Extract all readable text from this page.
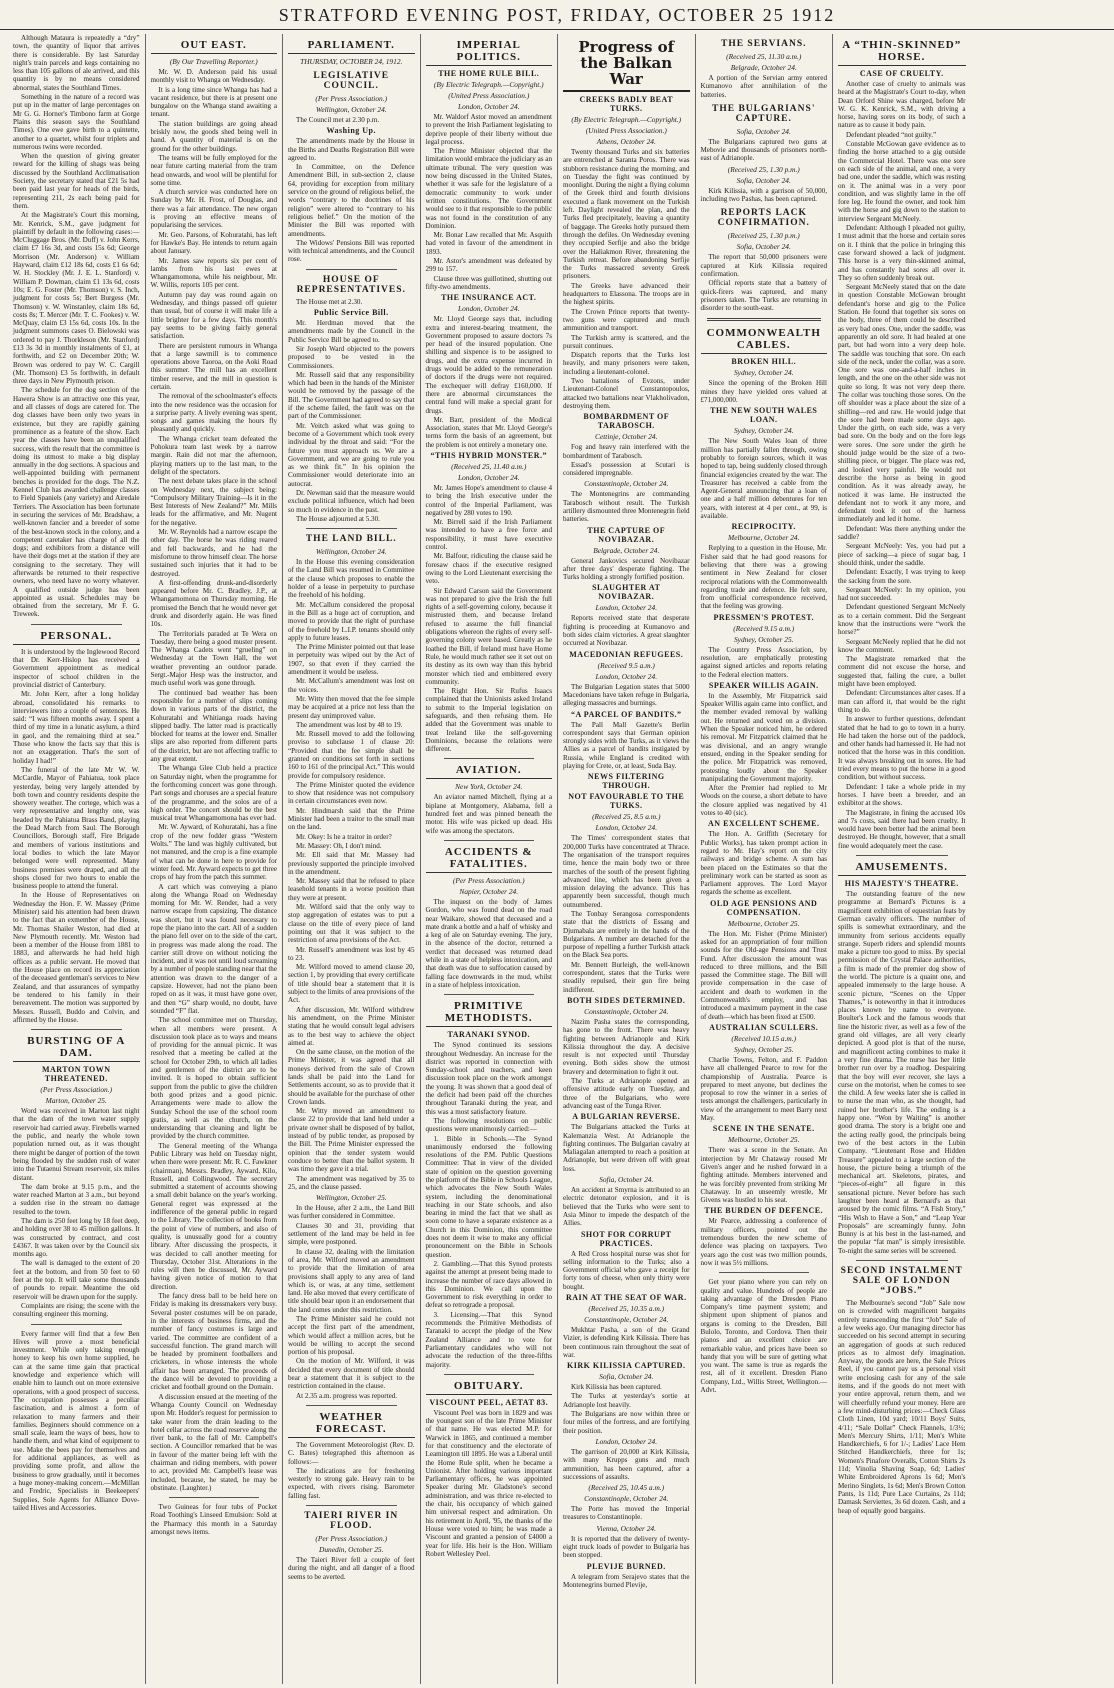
STRATFORD EVENING POST, FRIDAY, OCTOBER 25 1912

Although Mataura is repeatedly a “dry” town, the quantity of liquor that arrives there is considerable. By last Saturday night's train parcels and kegs containing no less than 105 gallons of ale arrived, and this quantity is by no means considered abnormal, states the Southland Times.

Something in the nature of a record was put up in the matter of large percentages on Mr G. G. Horner's Timbono farm at Gorge Plains this season says the Southland Times). One ewe gave birth to a quintette, another to a quartet, whilst four triplets and numerous twins were recorded.

When the question of giving greater reward for the killing of shags was being discussed by the Southland Acclimatisation Society, the secretary stated that £21 5s had been paid last year for heads of the birds, representing 211, 2s each being paid for them.

At the Magistrate's Court this morning, Mr. Kenrick, S.M., gave judgment for plaintiff by default in the following cases:—McCluggage Bros. (Mr. Duff) v. John Kerrs, claim £7 16s 3d, and costs 15s 6d; George Morrison (Mr. Anderson) v. William Hayward, claim £12 18s 6d, costs £1 6s 6d; W. H. Stockley (Mr. J. E. L. Stanford) v. William P. Dowman, claim £1 13s 6d, costs 10s; E. G. Foster (Mr. Thomson) v. S. Inch, judgment for costs 5s; Bert Burgess (Mr. Thomson) v. W. Winstanley, claim 18s 6d, costs 8s; T. Mercer (Mr. T. C. Fookes) v. W. McQuay, claim £3 15s 6d, costs 10s. In the judgment summons cases O. Bielowski was ordered to pay J. Thorkleson (Mr. Stanford) £13 3s 3d in monthly instalments of £1, at forthwith, and £2 on December 20th; W. Brown was ordered to pay W. C. Cargill (Mr. Thomson) £3 5s forthwith, in default three days in New Plymouth prison.

The schedule for the dog section of the Hawera Show is an attractive one this year, and all classes of dogs are catered for. The dog classes have been only two years in existence, but they are rapidly gaining prominence as a feature of the show. Each year the classes have been an unqualified success, with the result that the committee is doing its utmost to make a big display annually in the dog sections. A spacious and well-appointed building with permanent benches is provided for the dogs. The N.Z. Kennel Club has awarded challenge classes to Field Spaniels (any variety) and Airedale Terriers. The Association has been fortunate in securing the services of Mr. Bradshaw, a well-known fancier and a breeder of some of the best-known stock in the colony, and a competent caretaker has charge of all the dogs; and exhibitors from a distance will have their dogs met at the station if they are consigning to the secretary. They will afterwards be returned to their respective owners, who need have no worry whatever. A qualified outside judge has been appointed as usual. Schedules may be obtained from the secretary, Mr F. G. Treweek.

PERSONAL.

It is understood by the Inglewood Record that Dr. Kerr-Hislop has received a Government appointment as medical inspector of school children in the provincial district of Canterbury.

Mr. John Kerr, after a long holiday abroad, consolidated his remarks to interviewers into a couple of sentences. He said: “I was fifteen months away. I spent a third of my time in a lunatic asylum, a third in gaol, and the remaining third at sea.” Those who know the facts say that this is not an exaggeration. That's the sort of holiday I had!”

The funeral of the late Mr W. W. McCardle, Mayor of Pahiatua, took place yesterday, being very largely attended by both town and country residents despite the showery weather. The cortege, which was a very representative and lengthy one, was headed by the Pahiatua Brass Band, playing the Dead March from Saul. The Borough Councillors, Borough staff, Fire Brigade and members of various institutions and local bodies to which the late Mayor belonged were well represented. Many business premises were draped, and all the shops closed for two hours to enable the business people to attend the funeral.

In the House of Representatives on Wednesday the Hon. F. W. Massey (Prime Minister) said his attention had been drawn to the fact that an exmember of the House, Mr. Thomas Shailer Weston, had died at New Plymouth recently. Mr. Weston had been a member of the House from 1881 to 1883, and afterwards he had held high offices as a public servant. He moved that the House place on record its appreciation of the deceased gentleman's services to New Zealand, and that assurances of sympathy be tendered to his family in their bereavement. The motion was supported by Messrs. Russell, Buddo and Colvin, and affirmed by the House.

BURSTING OF A DAM.
MARTON TOWN THREATENED.
(Per Press Association.)
Marton, October 25.

Word was received in Marton last night that the dam of the town water supply reservoir had carried away. Firebells warned the public, and nearly the whole town population turned out, as it was thought there might be danger of portion of the town being flooded by the sudden rush of water into the Tutaenui Stream reservoir, six miles distant.

The dam broke at 9.15 p.m., and the water reached Marton at 3 a.m., but beyond a sudden rise in the stream no damage resulted to the town.

The dam is 250 feet long by 18 feet deep, and holding over 38 to 45 million gallons. It was constructed by contract, and cost £4367. It was taken over by the Council six months ago.

The wall is damaged to the extent of 20 feet at the bottom, and from 50 feet to 60 feet at the top. It will take some thousands of pounds to repair. Meantime the old reservoir will be drawn upon for the supply.

Complaints are rising; the scene with the consulting engineer this morning.

Every farmer will find that a few Ben Hives will prove a most beneficial investment. While only taking enough honey to keep his own home supplied, he can at the same time gain that practical knowledge and experience which will enable him to launch out on more extensive operations, with a good prospect of success. The occupation possesses a peculiar fascination, and is almost a form of relaxation to many farmers and their families. Beginners should commence on a small scale, learn the ways of bees, how to handle them, and what kind of equipment to use. Make the bees pay for themselves and for additional appliances, as well as providing some profit, and allow the business to grow gradually, until it becomes a huge money-making concern.—McMillan and Fredric, Specialists in Beekeepers' Supplies, Sole Agents for Alliance Dove-tailed Hives and Accessories.

OUT EAST.
(By Our Travelling Reporter.)

Mr. W. D. Anderson paid his usual monthly visit to Whanga on Wednesday.

It is a long time since Whanga has had a vacant residence, but there is at present one bungalow on the Whanga stand awaiting a tenant.

The station buildings are going ahead briskly now, the goods shed being well in hand. A quantity of material is on the ground for the other buildings.

The teams will be fully employed for the near future carting material from the tram head onwards, and wool will be plentiful for some time.

A church service was conducted here on Sunday by Mr. H. Frost, of Douglas, and there was a fair attendance. The new organ is proving an effective means of popularising the services.

Mr. Geo. Parsons, of Kohuratahi, has left for Hawke's Bay. He intends to return again about January.

Mr. James saw reports six per cent of lambs from his last ewes at Whangamomona, while his neighbour, Mr. W. Willis, reports 105 per cent.

Autumn pay day was round again on Wednesday, and things passed off quieter than usual, but of course it will make life a little brighter for a few days. This month's pay seems to be giving fairly general satisfaction.

There are persistent rumours in Whanga that a large sawmill is to commence operations above Taoroa, on the Aoki Road this summer. The mill has an excellent timber reserve, and the mill in question is certain.

The removal of the schoolmaster's effects into the new residence was the occasion for a surprise party. A lively evening was spent, songs and games making the hours fly pleasantly and quickly.

The Whanga cricket team defeated the Pohokura team last week by a narrow margin. Rain did not mar the afternoon, playing matters up to the last man, to the delight of the spectators.

The next debate takes place in the school on Wednesday next, the subject being: “Compulsory Military Training—Is it in the Best Interests of New Zealand?” Mr. Mills leads for the affirmative, and Mr. Nugent for the negative.

Mr. W. Reynolds had a narrow escape the other day. The horse he was riding reared and fell backwards, and he had the misfortune to throw himself clear. The horse sustained such injuries that it had to be destroyed.

A first-offending drunk-and-disorderly appeared before Mr. C. Bradley, J.P., at Whangamomona on Thursday morning. He promised the Bench that he would never get drunk and disorderly again. He was fined 10s.

The Territorials paraded at Te Wera on Tuesday, there being a good muster present. The Whanga Cadets went “grueling” on Wednesday at the Town Hall, the wet weather preventing an outdoor parade. Sergt.-Major Hesp was the instructor, and much useful work was gone through.

The continued bad weather has been responsible for a number of slips coming down in various parts of the district, the Kohuratahi and Whitianga roads having slipped badly. The latter road is practically blocked for teams at the lower end. Smaller slips are also reported from different parts of the district, but are not affecting traffic to any great extent.

The Whanga Glee Club held a practice on Saturday night, when the programme for the forthcoming concert was gone through. Part songs and choruses are a special feature of the programme, and the solos are of a high order. The concert should be the best musical treat Whangamomona has ever had.

Mr. W. Ayward, of Kohuratahi, has a fine crop of the new fodder grass “Western Wolts.” The land was highly cultivated, but not manured, and the crop is a fine example of what can be done in here to provide for winter feed. Mr. Ayward expects to get three crops of hay from the patch this summer.

A cart which was conveying a piano along the Whanga Road on Wednesday morning for Mr. W. Render, had a very narrow escape from capsizing. The distance was short, but it was found necessary to rope the piano into the cart. All of a sudden the piano fell over on to the side of the cart, in progress was made along the road. The carrier still drove on without noticing the incident, and it was not until loud screaming by a number of people standing near that the attention was drawn to the danger of a capsize. However, had not the piano been roped on as it was, it must have gone over, and then “G” sharp would, no doubt, have sounded “F” flat.

The school committee met on Thursday, when all members were present. A discussion took place as to ways and means of providing for the annual picnic. It was resolved that a meeting be called at the school for October 29th, to which all ladies and gentlemen of the district are to be invited. It is hoped to obtain sufficient support from the public to give the children both good prizes and a good picnic. Arrangements were made to allow the Sunday School the use of the school room gratis, as well as the church, on the understanding that cleaning and light be provided by the church committee.

The General meeting of the Whanga Public Library was held on Tuesday night, when there were present: Mr. R. C. Fawkner (chairman), Messrs. Bradley, Ayward, Kilo, Russell, and Collingwood. The secretary submitted a statement of accounts showing a small debit balance on the year's working. General regret was expressed at the indifference of the general public in regard to the Library. The collection of books from the point of view of numbers, and also of quality, is unusually good for a country library. After discussing the prospects, it was decided to call another meeting for Thursday, October 31st. Alterations in the rules will then be discussed, Mr. Ayward having given notice of motion to that direction.

The fancy dress ball to be held here on Friday is making its dressmakers very busy. Several poster costumes will be on parade, in the interests of business firms, and the number of fancy costumes is large and varied. The committee are confident of a successful function. The grand march will be headed by prominent footballers and cricketers, in whose interests the whole affair has been arranged. The proceeds of the dance will be devoted to providing a cricket and football ground on the Domain.

A discussion ensued at the meeting of the Whanga County Council on Wednesday upon Mr. Hodder's request for permission to take water from the drain leading to the hotel cellar across the road reserve along the river bank, to the fall of Mr. Campbell's section. A Councillor remarked that he was in favour of the matter being left with the chairman and riding members, with power to act, provided Mr. Campbell's lease was included, because, he stated, he may be obstinate. (Laughter.)

Two Guineas for four tubs of Pocket Road Toothing's Linseed Emulsion: Sold at the Pharmacy this month in a Saturday amongst news items.

PARLIAMENT.
THURSDAY, OCTOBER 24, 1912.
LEGISLATIVE COUNCIL.
(Per Press Association.)
Wellington, October 24.

The Council met at 2.30 p.m.

Washing Up.

The amendments made by the House in the Births and Deaths Registration Bill were agreed to.

In Committee, on the Defence Amendment Bill, in sub-section 2, clause 64, providing for exception from military service on the ground of religious belief, the words “contrary to the doctrines of his religion” were altered to “contrary to his religious belief.” On the motion of the Minister the Bill was reported with amendments.

The Widows' Pensions Bill was reported with technical amendments, and the Council rose.

HOUSE OF REPRESENTATIVES.

The House met at 2.30.

Public Service Bill.

Mr. Herdman moved that the amendments made by the Council in the Public Service Bill be agreed to.

Sir Joseph Ward objected to the powers proposed to be vested in the Commissioners.

Mr. Russell said that any responsibility which had been in the hands of the Minister would be removed by the passage of the Bill. The Government had agreed to say that if the scheme failed, the fault was on the part of the Commissioner.

Mr. Veitch asked what was going to become of a Government which took every individual by the throat and said: “For the future you must approach us. We are a Government, and we are going to rule you as we think fit.” In his opinion the Commissioner would deteriorate into an autocrat.

Dr. Newman said that the measure would exclude political influence, which had been so much in evidence in the past.

The House adjourned at 5.30.

THE LAND BILL.
Wellington, October 24.

In the House this evening consideration of the Land Bill was resumed in Committee at the clause which proposes to enable the holder of a lease in perpetuity to purchase the freehold of his holding.

Mr. McCallum considered the proposal in the Bill as a huge act of corruption, and moved to provide that the right of purchase of the freehold by L.I.P. tenants should only apply to future leases.

The Prime Minister pointed out that lease in perpetuity was wiped out by the Act of 1907, so that even if they carried the amendment it would be useless.

Mr. McCallum's amendment was lost on the voices.

Mr. Witty then moved that the fee simple may be acquired at a price not less than the present day unimproved value.

The amendment was lost by 48 to 19.

Mr. Russell moved to add the following proviso to subclause 1 of clause 20: “Provided that the fee simple shall be granted on conditions set forth in sections 160 to 161 of the principal Act.” This would provide for compulsory residence.

The Prime Minister quoted the evidence to show that residence was not compulsory in certain circumstances even now.

Mr. Hindmarsh said that the Prime Minister had been a traitor to the small man on the land.

Mr. Okey: Is he a traitor in order?

Mr. Massey: Oh, I don't mind.

Mr. Ell said that Mr. Massey had previously supported the principle involved in the amendment.

Mr. Massey said that he refused to place leasehold tenants in a worse position than they were at present.

Mr. Wilford said that the only way to stop aggregation of estates was to put a clause on the title of every piece of land pointing out that it was subject to the restriction of area provisions of the Act.

Mr. Russell's amendment was lost by 45 to 23.

Mr. Wilford moved to amend clause 20, section 1, by providing that every certificate of title should bear a statement that it is subject to the limits of area provisions of the Act.

After discussion, Mr. Wilford withdrew his amendment, on the Prime Minister stating that he would consult legal advisers as to the best way to achieve the object aimed at.

On the same clause, on the motion of the Prime Minister, it was agreed that all moneys derived from the sale of Crown lands shall be paid into the Land for Settlements account, so as to provide that it should be available for the purchase of other Crown lands.

Mr. Witty moved an amendment to clause 22 to provide that land held under a private owner shall be disposed of by ballot, instead of by public tender, as proposed by the Bill. The Prime Minister expressed the opinion that the tender system would conduce to better than the ballot system. It was timo they gave it a trial.

The amendment was negatived by 35 to 25, and the clause passed.

Wellington, October 25.

In the House, after 2 a.m., the Land Bill was further considered in Committee.

Clauses 30 and 31, providing that settlement of the land may be held in fee simple, were postponed.

In clause 32, dealing with the limitation of area, Mr. Wilford moved an amendment to provide that the limitation of area provisions shall apply to any area of land which is, or was, at any time, settlement land. He also moved that every certificate of title should bear upon it an endorsement that the land comes under this restriction.

The Prime Minister said he could not accept the first part of the amendment, which would affect a million acres, but he would be willing to accept the second portion of his proposal.

On the motion of Mr. Wilford, it was decided that every document of title should bear a statement that it is subject to the restriction contained in the clause.

At 2.35 a.m. progress was reported.

WEATHER FORECAST.

The Government Meteorologist (Rev. D. C. Bates) telegraphed this afternoon as follows:—

The indications are for freshening westerly to strong gale. Heavy rain to be expected, with rivers rising. Barometer falling fast.

TAIERI RIVER IN FLOOD.
(Per Press Association.)
Dunedin, October 25.

The Taieri River fell a couple of feet during the night, and all danger of a flood seems to be averted.

IMPERIAL POLITICS.
THE HOME RULE BILL.
(By Electric Telegraph.—Copyright.)
(United Press Association.)
London, October 24.

Mr. Waldorf Astor moved an amendment to prevent the Irish Parliament legislating to deprive people of their liberty without due legal process.

The Prime Minister objected that the limitation would embrace the judiciary as an ultimate tribunal. The very question was now being discussed in the United States, whether it was safe for the legislature of a democratic community to work under written constitutions. The Government would see to it that responsible to the public was not found in the constitution of any Dominion.

Mr. Bonar Law recalled that Mr. Asquith had voted in favour of the amendment in 1893.

Mr. Astor's amendment was defeated by 299 to 157.

Clause three was guillotined, shutting out fifty-two amendments.

THE INSURANCE ACT.
London, October 24.

Mr. Lloyd George says that, including extra and interest-bearing treatment, the Government proposed to assure doctors 7s per head of the insured population. One shilling and sixpence is to be assigned to drugs, and the extra expense incurred in drugs would be added to the remuneration of doctors if the drugs were not required. The exchequer will defray £160,000. If there are abnormal circumstances the central fund will make a special grant for drugs.

Mr. Barr, president of the Medical Association, states that Mr. Lloyd George's terms form the basis of an agreement, but the problem is not entirely a monetary one.

“THIS HYBRID MONSTER.”
(Received 25, 11.40 a.m.)
London, October 24.

Mr. James Hope's amendment to clause 4 to bring the Irish executive under the control of the Imperial Parliament, was negatived by 280 votes to 190.

Mr. Birrell said if the Irish Parliament was intended to have a free force and responsibility, it must have executive control.

Mr. Balfour, ridiculing the clause said he foresaw chaos if the executive resigned owing to the Lord Lieutenant exercising the veto.

Sir Edward Carson said the Government was not prepared to give the Irish the full rights of a self-governing colony, because it mistrusted them, and because Ireland refused to assume the full financial obligations whereon the rights of every self-governing colony were based. Greatly as he loathed the Bill, if Ireland must have Home Rule, he would much rather see it set out on its destiny as its own way than this hybrid monster which tied and embittered every community.

The Right Hon. Sir Rufus Isaacs complained that the Unionists asked Ireland to submit to the Imperial legislation on safeguards, and then refusing them. He added that the Government was unable to treat Ireland like the self-governing Dominions, because the relations were different.

AVIATION.
New York, October 24.

An aviator named Mitchell, flying at a biplane at Montgomery, Alabama, fell a hundred feet and was pinned beneath the motor. His wife was picked up dead. His wife was among the spectators.

ACCIDENTS & FATALITIES.
(Per Press Association.)
Napier, October 24.

The inquest on the body of James Gordon, who was found dead on the road near Waikare, showed that deceased and a mate drank a bottle and a half of whisky and a keg of ale on Saturday evening. The jury, in the absence of the doctor, returned a verdict that deceased was returned dead while in a state of helpless intoxication, and that death was due to suffocation caused by falling face downwards in the mud, whilst in a state of helpless intoxication.

PRIMITIVE METHODISTS.
TARANAKI SYNOD.

The Synod continued its sessions throughout Wednesday. An increase for the district was reported in connection with Sunday-school and teachers, and keen discussion took place on the work amongst the young. It was shown that a good deal of the deficit had been paid off the churches throughout Taranaki during the year, and this was a most satisfactory feature.

The following resolutions on public questions were unanimously carried:—

1. Bible in Schools.—The Synod unanimously endorsed the following resolutions of the P.M. Public Questions Committee: That in view of the divided state of opinion on the question governing the platform of the Bible in Schools League, which advocates the New South Wales system, including the denominational teaching in our State schools, and also bearing in mind the fact that we shall as soon come to have a separate existence as a Church in this Dominion, this committee does not deem it wise to make any official pronouncement on the Bible in Schools question.

2. Gambling.—That this Synod protests against the attempt at present being made to increase the number of race days allowed in this Dominion. We call upon the Government to risk everything in order to defeat so retrograde a proposal.

3. Licensing.—That this Synod recommends the Primitive Methodists of Taranaki to accept the pledge of the New Zealand Alliance and to vote for Parliamentary candidates who will not advocate the reduction of the three-fifths majority.

OBITUARY.
VISCOUNT PEEL, AETAT 83.

Viscount Peel was born in 1829 and was the youngest son of the late Prime Minister of that name. He was elected M.P. for Warwick in 1865, and continued a member for that constituency and the electorate of Leamington till 1895. He was a Liberal until the Home Rule split, when he became a Unionist. After holding various important Parliamentary offices, he was appointed Speaker during Mr. Gladstone's second administration, and was thrice re-elected to the chair, his occupancy of which gained him universal respect and admiration. On his retirement in April, '95, the thanks of the House were voted to him; he was made a Viscount and granted a pension of £4000 a year for life. His heir is the Hon. William Robert Wellesley Peel.

Progress of the Balkan War
CREEKS BADLY BEAT TURKS.
(By Electric Telegraph.—Copyright.)
(United Press Association.)
Athens, October 24.

Twenty thousand Turks and six batteries are entrenched at Saranta Poros. There was stubborn resistance during the morning, and on Tuesday the fight was continued by moonlight. During the night a flying column of the Greek third and fourth divisions executed a flank movement on the Turkish left. Daylight revealed the plan, and the Turks fled precipitately, leaving a quantity of baggage. The Greeks hotly pursued them through the defiles. On Wednesday evening they occupied Serfije and also the bridge over the Haliakmon River, threatening the Turkish retreat. Before abandoning Serfije the Turks massacred seventy Greek prisoners.

The Greeks have advanced their headquarters to Elassona. The troops are in the highest spirits.

The Crown Prince reports that twenty-two guns were captured and much ammunition and transport.

The Turkish army is scattered, and the pursuit continues.

Dispatch reports that the Turks lost heavily, and many prisoners were taken, including a lieutenant-colonel.

Two battalions of Evzons, under Lieutenant-Colonel Constantopoulos, attacked two battalions near Vlakholivadon, destroying them.

BOMBARDMENT OF TARABOSCH.
Cettinje, October 24.

Fog and heavy rain interfered with the bombardment of Tarabosch.

Essad's possession at Scutari is considered impregnable.

Constantinople, October 24.

The Montenegrins are commanding Tarabosch without result. The Turkish artillery dismounted three Montenegrin field batteries.

THE CAPTURE OF NOVIBAZAR.
Belgrade, October 24.

General Jankovics secured Novibazar after three days' desperate fighting. The Turks holding a strongly fortified position.

SLAUGHTER AT NOVIBAZAR.
London, October 24.

Reports received state that desperate fighting is proceeding at Kumanovo and both sides claim victories. A great slaughter occurred at Novibazar.

MACEDONIAN REFUGEES.
(Received 9.5 a.m.)
London, October 24.

The Bulgarian Legation states that 5000 Macedonians have taken refuge in Bulgaria, alleging massacres and burnings.

“A PARCEL OF BANDITS.”

The Pall Mall Gazette's Berlin correspondent says that German opinion strongly sides with the Turks, as it views the Allies as a parcel of bandits instigated by Russia, while England is credited with playing for Crete, or, at least, Suda Bay.

NEWS FILTERING THROUGH.
NOT FAVOURABLE TO THE TURKS.
(Received 25, 8.5 a.m.)
London, October 24.

The Times' correspondent states that 200,000 Turks have concentrated at Thrace. The organisation of the transport requires time, hence the main body two or three marches of the south of the present fighting advanced line, which has been given a mission delaying the advance. This has apparently been successful, though much outnumbered.

The Tonbay Serangosa correspondents state that the districts of Essang and Djumabala are entirely in the hands of the Bulgarians. A number are detached for the purpose of repelling a further Turkish attack on the Black Sea ports.

Mr. Bennett Burleigh, the well-known correspondent, states that the Turks were steadily repulsed, their gun fire being indifferent.

BOTH SIDES DETERMINED.
Constantinople, October 24.

Nazim Pasha states the corresponding, has gone to the front. There was heavy fighting between Adrianople and Kirk Kilissia throughout the day. A decisive result is not expected until Thursday evening. Both sides show the utmost bravery and determination to fight it out.

The Turks at Adrianople opened an offensive attitude early on Tuesday, and three of the Bulgarians, who were advancing east of the Tunga River.

A BULGARIAN REVERSE.

The Bulgarians attacked the Turks at Kalemanzia West. At Adrianople the fighting continues. The Bulgarian cavalry at Maliagalan attempted to reach a position at Adrianople, but were driven off with great loss.

Sofia, October 24.

An accident at Smyrna is attributed to an electric detonator explosion, and it is believed that the Turks who were sent to Asia Minor to impede the despatch of the Allies.

SHOT FOR CORRUPT PRACTICES.

A Red Cross hospital nurse was shot for selling information to the Turks; also a Government official who gave a receipt for forty tons of cheese, when only thirty were bought.

RAIN AT THE SEAT OF WAR.
(Received 25, 10.35 a.m.)
Constantinople, October 24.

Mukhtar Pasha, a son of the Grand Vizier, is defending Kirk Kilissia. There has been continuous rain throughout the seat of war.

KIRK KILISSIA CAPTURED.
Sofia, October 24.

Kirk Kilissia has been captured.

The Turks at yesterday's sortie at Adrianople lost heavily.

The Bulgarians are now within three or four miles of the fortress, and are fortifying their position.

London, October 24.

The garrison of 20,000 at Kirk Kilissia, with many Krupps guns and much ammunition, has been captured, after a successions of assaults.

(Received 25, 10.45 a.m.)
Constantinople, October 24.

The Porte has moved the Imperial treasures to Constantinople.

Vienna, October 24.

It is reported that the delivery of twenty-eight truck loads of powder to Bulgaria has been stopped.

PLEVIJE BURNED.

A telegram from Serajevo states that the Montenegrins burned Plevije,

THE SERVIANS.
(Received 25, 11.30 a.m.)
Belgrade, October 24.

A portion of the Servian army entered Kumanovo after annihilation of the batteries.

THE BULGARIANS' CAPTURE.
Sofia, October 24.

The Bulgarians captured two guns at Mebovie and thousands of prisoners north-east of Adrianople.

(Received 25, 1.30 p.m.)
Sofia, October 24.

Kirk Kilissia, with a garrison of 50,000, including two Pashas, has been captured.

REPORTS LACK CONFIRMATION.
(Received 25, 1.30 p.m.)
Sofia, October 24.

The report that 50,000 prisoners were captured at Kirk Kilissia required confirmation.

Official reports state that a battery of quick-firers was captured, and many prisoners taken. The Turks are returning in disorder to the south-east.

COMMONWEALTH CABLES.
BROKEN HILL.
Sydney, October 24.

Since the opening of the Broken Hill mines they have yielded ores valued at £71,000,000.

THE NEW SOUTH WALES LOAN.
Sydney, October 24.

The New South Wales loan of three million has partially fallen through, owing probably to foreign sources, which it was hoped to tap, being suddenly closed through financial exigencies created by the war. The Treasurer has received a cable from the Agent-General announcing that a loan of one and a half million debentures for ten years, with interest at 4 per cent., at 99, is available.

RECIPROCITY.
Melbourne, October 24.

Replying to a question in the House, Mr. Fisher said that he had good reasons for believing that there was a growing sentiment in New Zealand for closer reciprocal relations with the Commonwealth regarding trade and defence. He felt sure, from unofficial correspondence received, that the feeling was growing.

PRESSMEN'S PROTEST.
(Received 9.15 a.m.)
Sydney, October 25.

The Country Press Association, by resolution, are emphatically protesting against signed articles and reports relating to the Federal election matters.

SPEAKER WILLIS AGAIN.

In the Assembly, Mr Fitzpatrick said Speaker Willis again came into conflict, and the member evaded removal by walking out. He returned and voted on a division. When the Speaker noticed him, he ordered his removal. Mr Fitzpatrick claimed that he was divisional, and an angry wrangle ensued, ending in the Speaker sending for the police. Mr Fitzpatrick was removed, protesting loudly about the Speaker manipulating the Government majority.

After the Premier had replied to Mr Woods on the course, a short debate to have the closure applied was negatived by 41 votes to 40 (sic).

AN EXCELLENT SCHEME.

The Hon. A. Griffith (Secretary for Public Works), has taken prompt action in regard to Mr. Hay's report on the city railways and bridge scheme. A sum has been placed on the Estimates so that the preliminary work can be started as soon as Parliament approves. The Lord Mayor regards the scheme as excellent.

OLD AGE PENSIONS AND COMPENSATION.
Melbourne, October 25.

The Hon. Mr. Fisher (Prime Minister) asked for an appropriation of four million sounds for the Old-age Pensions and Trust Fund. After discussion the amount was reduced to three millions, and the Bill passed the Committee stage. The Bill will provide compensation in the case of accident and death to workmen in the Commonwealth's employ, and has introduced a maximum payment in the case of death—which has been fixed at £500.

AUSTRALIAN SCULLERS.
(Received 10.15 a.m.)
Sydney, October 25.

Charlie Towns, Felton, and F. Paddon have all challenged Pearce to row for the championship of Australia. Pearce is prepared to meet anyone, but declines the proposal to row the winner in a series of tests amongst the challengers, particularly in view of the arrangement to meet Barry next May.

SCENE IN THE SENATE.
Melbourne, October 25.

There was a scene in the Senate. An interjection by Mr Chataway roused Mr Given's anger and he rushed forward in a fighting attitude. Members intervened and he was forcibly prevented from striking Mr Chataway. In an unseemly wrestle, Mr Givens was hustled to his seat.

THE BURDEN OF DEFENCE.

Mr Pearce, addressing a conference of military officers, pointed out the tremendous burden the new scheme of defence was placing on taxpayers. Two years ago the cost was two million pounds, now it was 5½ millions.

Get your piano where you can rely on quality and value. Hundreds of people are taking advantage of the Dresden Piano Company's time payment system; and shipment upon shipment of pianos and organs is coming to the Dresden, Bill Bulolo, Toronto, and Cordova. Then their pianos and an excellent choice are remarkable value, and prices have been so handy that you will be sure of getting what you want. The same is true as regards the rest, all of it excellent. Dresden Piano Company, Ltd., Willis Street, Wellington.—Advt.

A “THIN-SKINNED” HORSE.
CASE OF CRUELTY.

Another case of cruelty to animals was heard at the Magistrate's Court to-day, when Dean Orford Shine was charged, before Mr W. G. K. Kenrick, S.M., with driving a horse, having sores on its body, of such a nature as to cause it body pain.

Defendant pleaded “not guilty.”

Constable McGowan gave evidence as to finding the horse attached to a gig outside the Commercial Hotel. There was one sore on each side of the animal, and one, a very bad one, under the saddle, which was resting on it. The animal was in a very poor condition, and was slightly lame in the off fore leg. He found the owner, and took him with the horse and gig down to the station to interview Sergeant McNeely.

Defendant: Although I pleaded not guilty, I must admit that the horse and certain sores on it. I think that the police in bringing this case forward showed a lack of judgment. This horse is a very thin-skinned animal, and has constantly had sores all over it. They so often suddenly break out.

Sergeant McNeely stated that on the date in question Constable McGowan brought defendant's horse and gig to the Police Station. He found that together six sores on the body, three of them could be described as very bad ones. One, under the saddle, was apparently an old sore. It had healed at one part, but had worn into a very deep hole. The saddle was touching that sore. On each side of the neck, under the collar, was a sore. One sore was one-and-a-half inches in length, and the one on the other side was not quite so long. It was not very deep there. The collar was touching those sores. On the off shoulder was a place about the size of a shilling—red and raw. He would judge that the sore had been made some days ago. Under the girth, on each side, was a very bad sore. On the body and on the fore legs were sores. One sore under the girth he should judge would be the size of a two-shilling piece, or bigger. The place was red, and looked very painful. He would not describe the horse as being in good condition. As it was already away, he noticed it was lame. He instructed the defendant not to work it any more, and defendant took it out of the harness immediately and led it home.

Defendant: Was there anything under the saddle?

Sergeant McNeely: Yes, you had put a piece of sacking—a piece of sugar bag, I should think, under the saddle.

Defendant: Exactly, I was trying to keep the sacking from the sore.

Sergeant McNeely: In my opinion, you had not succeeded.

Defendant questioned Sergeant McNeely as to a certain comment. Did the Sergeant know that the instructions were “work the horse?”

Sergeant McNeely replied that he did not know the comment.

The Magistrate remarked that the comment did not excuse the horse, and suggested that, failing the cure, a bullet might have been employed.

Defendant: Circumstances alter cases. If a man can afford it, that would be the right thing to do.

In answer to further questions, defendant stated that he had to go to town in a hurry. He had taken the horse out of the paddock, and other hands had harnessed it. He had not noticed that the horse was in this condition. It was always breaking out in sores. He had tried every means to put the horse in a good condition, but without success.

Defendant: I take a whole pride in my horses. I have been a breeder, and an exhibitor at the shows.

The Magistrate, in fining the accused 10s and 7s costs, said there had been cruelty. It would have been better had the animal been destroyed. He thought, however, that a small fine would adequately meet the case.

AMUSEMENTS.
HIS MAJESTY'S THEATRE.

The outstanding feature of the new programme at Bernard's Pictures is a magnificent exhibition of equestrian feats by German cavalry officers. The number of spills is somewhat extraordinary, and the immunity from serious accidents equally strange. Superb riders and splendid mounts make a picture too good to miss. By special permission of the Crystal Palace authorities, a film is made of the premier dog show of the world. The picture is a quaint one, and appealed immensely to the large house. A scenic picture, “Scenes on the Upper Thames,” is noteworthy in that it introduces places known by name to everyone. Boulter's Lock and the famous woods that line the historic river, as well as a few of the grand old villages, are all very clearly depicted. A good plot is that of the nurse, and magnificent acting combines to make it a very fine drama. The nurse has her little brother run over by a roadhog. Despairing that the boy will ever recover, she lays a curse on the motorist, when he comes to see the child. A few weeks later she is called in to nurse the man who, as she thought, had ruined her brother's life. The ending is a happy one. “Won by Waiting” is another good drama. The story is a bright one and the acting really good, the principals being two of the best actors in the Lubin Company. “Lieutenant Rose and Hidden Treasure” appealed to a large section of the house, the picture being a triumph of the mechanical art. Skeletons, pirates, and “pieces-of-eight” all figure in this sensational picture. Never before has such laughter been heard at Bernard's as that aroused by the comic films. “A Fish Story,” “His Wish to Have a Son,” and “Leap Year Proposals” are screamingly funny. John Bunny is at his best in the last-named, and the popular “fat man” is simply irresistible. To-night the same series will be screened.

SECOND INSTALMENT SALE OF LONDON “JOBS.”

The Melbourne's second “Job” Sale now on is crowded with magnificent bargains entirely transcending the first “Job” Sale of a few weeks ago. Our managing director has succeeded on his second attempt in securing an aggregation of goods at such reduced prices as to almost defy imagination. Anyway, the goods are here, the Sale Prices Reel, if you cannot pay us a personal visit write enclosing cash for any of the sale items, and if the goods do not meet with your entire approval, return them, and we will cheerfully refund your money. Here are a few mind-disturbing prices:—Check Glass Cloth Linen, 10d yard; 10/11 Boys' Suits, 4/11; “Sale Dollar” Check Flannels, 1/3½; Men's Mercury Shirts, 1/11; Men's White Handkerchiefs, 6 for 1/-; Ladies' Lace Hem Stitched Handkerchiefs, three for 1s; Women's Pinafore Overalls, Cotton Shirts 2s 11d; Vinolia Shaving Soap, 6d; Ladies' White Embroidered Aprons 1s 6d; Men's Merino Singlets, 1s 6d; Men's Brown Cotton Pants, 1s 11d; Pure Lace Curtains, 2s 11d; Damask Serviettes, 3s 6d dozen. Cash, and a heap of equally good bargains.
